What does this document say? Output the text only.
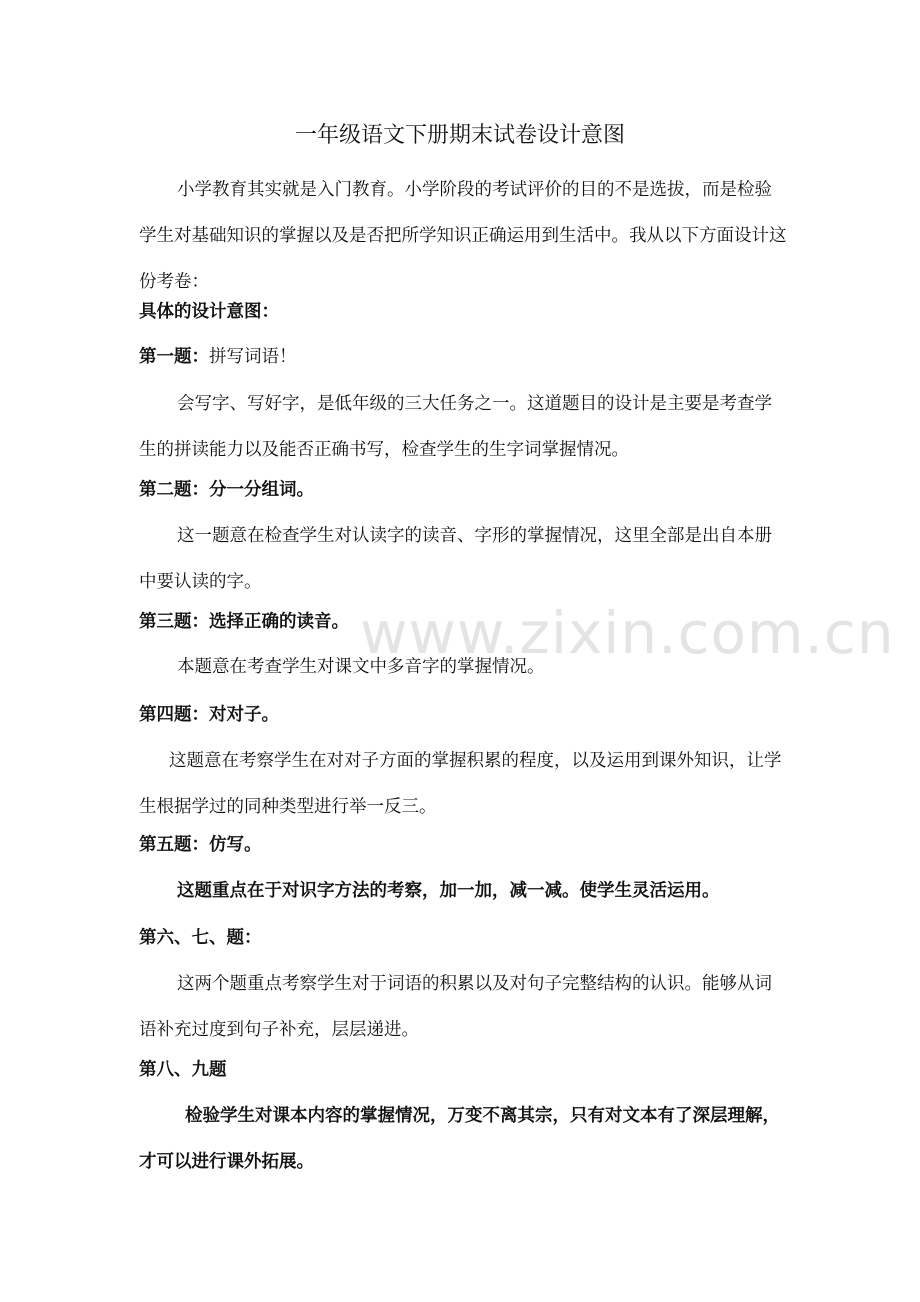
一年级语文下册期末试卷设计意图

小学教育其实就是入门教育。小学阶段的考试评价的目的不是选拔，而是检验学生对基础知识的掌握以及是否把所学知识正确运用到生活中。我从以下方面设计这份考卷：

具体的设计意图：

第一题：拼写词语！

会写字、写好字，是低年级的三大任务之一。这道题目的设计是主要是考查学生的拼读能力以及能否正确书写，检查学生的生字词掌握情况。

第二题：分一分组词。

这一题意在检查学生对认读字的读音、字形的掌握情况，这里全部是出自本册中要认读的字。

第三题：选择正确的读音。

本题意在考查学生对课文中多音字的掌握情况。

第四题：对对子。

这题意在考察学生在对对子方面的掌握积累的程度，以及运用到课外知识，让学生根据学过的同种类型进行举一反三。

第五题：仿写。

这题重点在于对识字方法的考察，加一加，减一减。使学生灵活运用。

第六、七、题：

这两个题重点考察学生对于词语的积累以及对句子完整结构的认识。能够从词语补充过度到句子补充，层层递进。

第八、九题

检验学生对课本内容的掌握情况，万变不离其宗，只有对文本有了深层理解，才可以进行课外拓展。

www.zixin.com.cn
